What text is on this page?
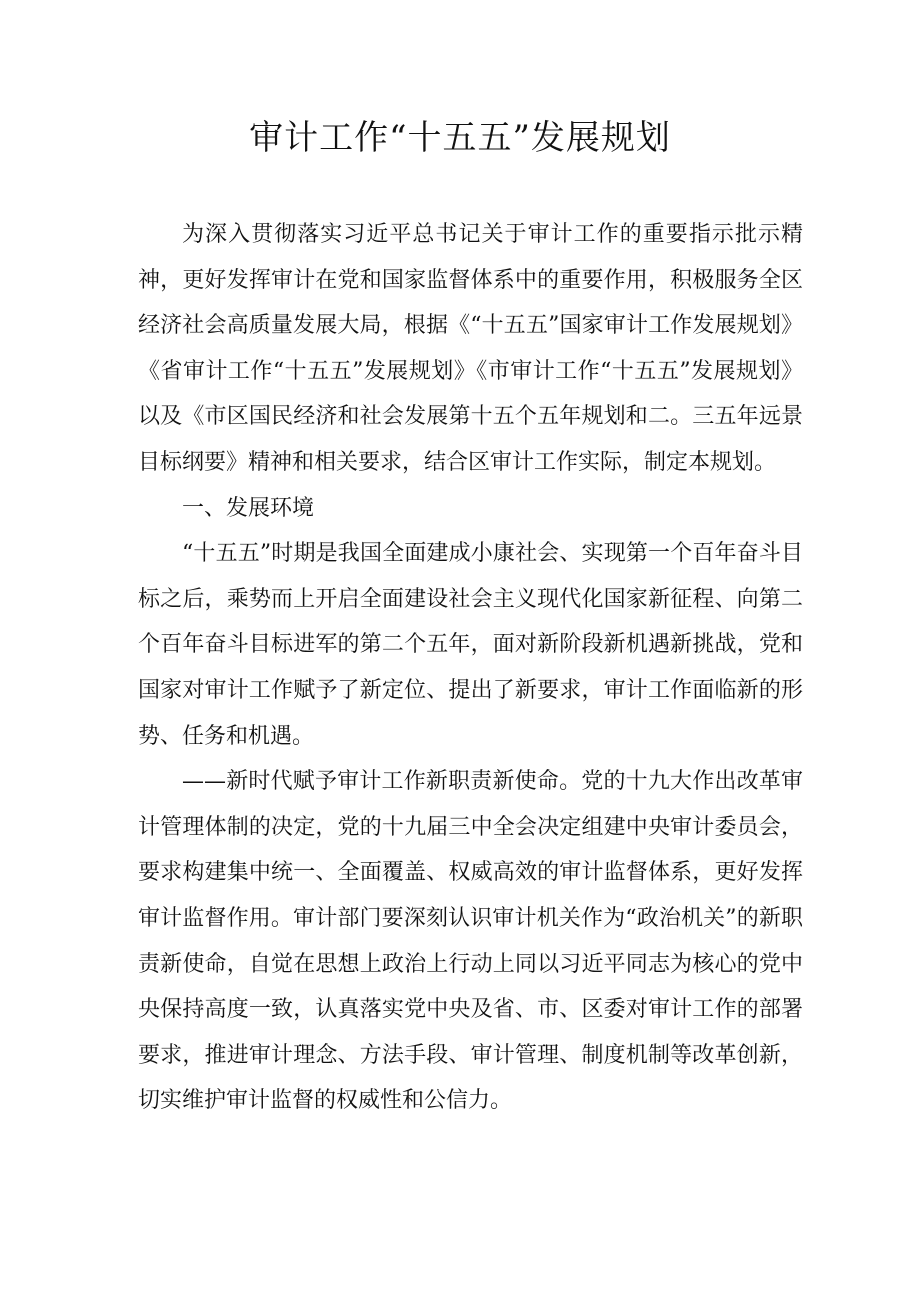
审计工作“十五五”发展规划

为深入贯彻落实习近平总书记关于审计工作的重要指示批示精神，更好发挥审计在党和国家监督体系中的重要作用，积极服务全区经济社会高质量发展大局，根据《“十五五”国家审计工作发展规划》《省审计工作“十五五”发展规划》《市审计工作“十五五”发展规划》以及《市区国民经济和社会发展第十五个五年规划和二。三五年远景目标纲要》精神和相关要求，结合区审计工作实际，制定本规划。

一、发展环境

“十五五”时期是我国全面建成小康社会、实现第一个百年奋斗目标之后，乘势而上开启全面建设社会主义现代化国家新征程、向第二个百年奋斗目标进军的第二个五年，面对新阶段新机遇新挑战，党和国家对审计工作赋予了新定位、提出了新要求，审计工作面临新的形势、任务和机遇。

——新时代赋予审计工作新职责新使命。党的十九大作出改革审计管理体制的决定，党的十九届三中全会决定组建中央审计委员会，要求构建集中统一、全面覆盖、权威高效的审计监督体系，更好发挥审计监督作用。审计部门要深刻认识审计机关作为“政治机关”的新职责新使命，自觉在思想上政治上行动上同以习近平同志为核心的党中央保持高度一致，认真落实党中央及省、市、区委对审计工作的部署要求，推进审计理念、方法手段、审计管理、制度机制等改革创新，切实维护审计监督的权威性和公信力。
